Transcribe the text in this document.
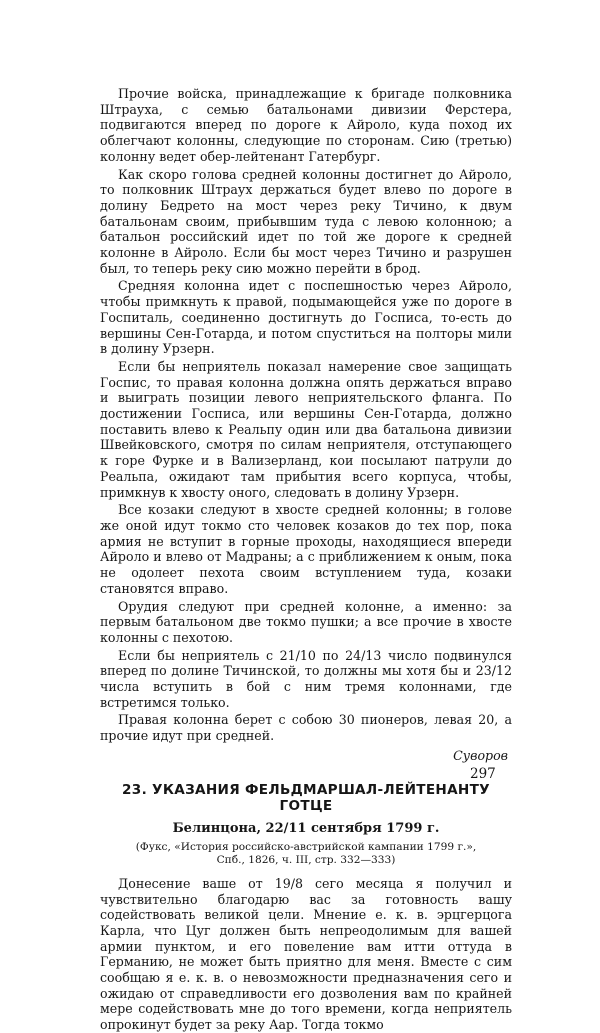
Прочие войска, принадлежащие к бригаде полковника Штрауха, с семью батальонами дивизии Ферстера, подвигаются вперед по дороге к Айроло, куда поход их облегчают колонны, следующие по сторонам. Сию (третью) колонну ведет обер-лейтенант Гатербург.

Как скоро голова средней колонны достигнет до Айроло, то полковник Штраух держаться будет влево по дороге в долину Бедрето на мост через реку Тичино, к двум батальонам своим, прибывшим туда с левою колонною; а батальон российский идет по той же дороге к средней колонне в Айроло. Если бы мост через Тичино и разрушен был, то теперь реку сию можно перейти в брод.

Средняя колонна идет с поспешностью через Айроло, чтобы примкнуть к правой, подымающейся уже по дороге в Госпиталь, соединенно достигнуть до Госписа, то-есть до вершины Сен-Готарда, и потом спуститься на полторы мили в долину Урзерн.

Если бы неприятель показал намерение свое защищать Госпис, то правая колонна должна опять держаться вправо и выиграть позиции левого неприятельского фланга. По достижении Госписа, или вершины Сен-Готарда, должно поставить влево к Реальпу один или два батальона дивизии Швейковского, смотря по силам неприятеля, отступающего к горе Фурке и в Вализерланд, кои посылают патрули до Реальпа, ожидают там прибытия всего корпуса, чтобы, примкнув к хвосту оного, следовать в долину Урзерн.

Все козаки следуют в хвосте средней колонны; в голове же оной идут токмо сто человек козаков до тех пор, пока армия не вступит в горные проходы, находящиеся впереди Айроло и влево от Мадраны; а с приближением к оным, пока не одолеет пехота своим вступлением туда, козаки становятся вправо.

Орудия следуют при средней колонне, а именно: за первым батальоном две токмо пушки; а все прочие в хвосте колонны с пехотою.

Если бы неприятель с 21/10 по 24/13 число подвинулся вперед по долине Тичинской, то должны мы хотя бы и 23/12 числа вступить в бой с ним тремя колоннами, где встретимся только.

Правая колонна берет с собою 30 пионеров, левая 20, а прочие идут при средней.

Суворов
23. УКАЗАНИЯ ФЕЛЬДМАРШАЛ-ЛЕЙТЕНАНТУ ГОТЦЕ
Белинцона, 22/11 сентября 1799 г.
(Фукс, «История российско-австрийской кампании 1799 г.»,
Спб., 1826, ч. III, стр. 332—333)

Донесение ваше от 19/8 сего месяца я получил и чувствительно благодарю вас за готовность вашу содействовать великой цели. Мнение е. к. в. эрцгерцога Карла, что Цуг должен быть непреодолимым для вашей армии пунктом, и его повеление вам итти оттуда в Германию, не может быть приятно для меня. Вместе с сим сообщаю я е. к. в. о невозможности предназначения сего и ожидаю от справедливости его дозволения вам по крайней мере содействовать мне до того времени, когда неприятель опрокинут будет за реку Аар. Тогда токмо

297
